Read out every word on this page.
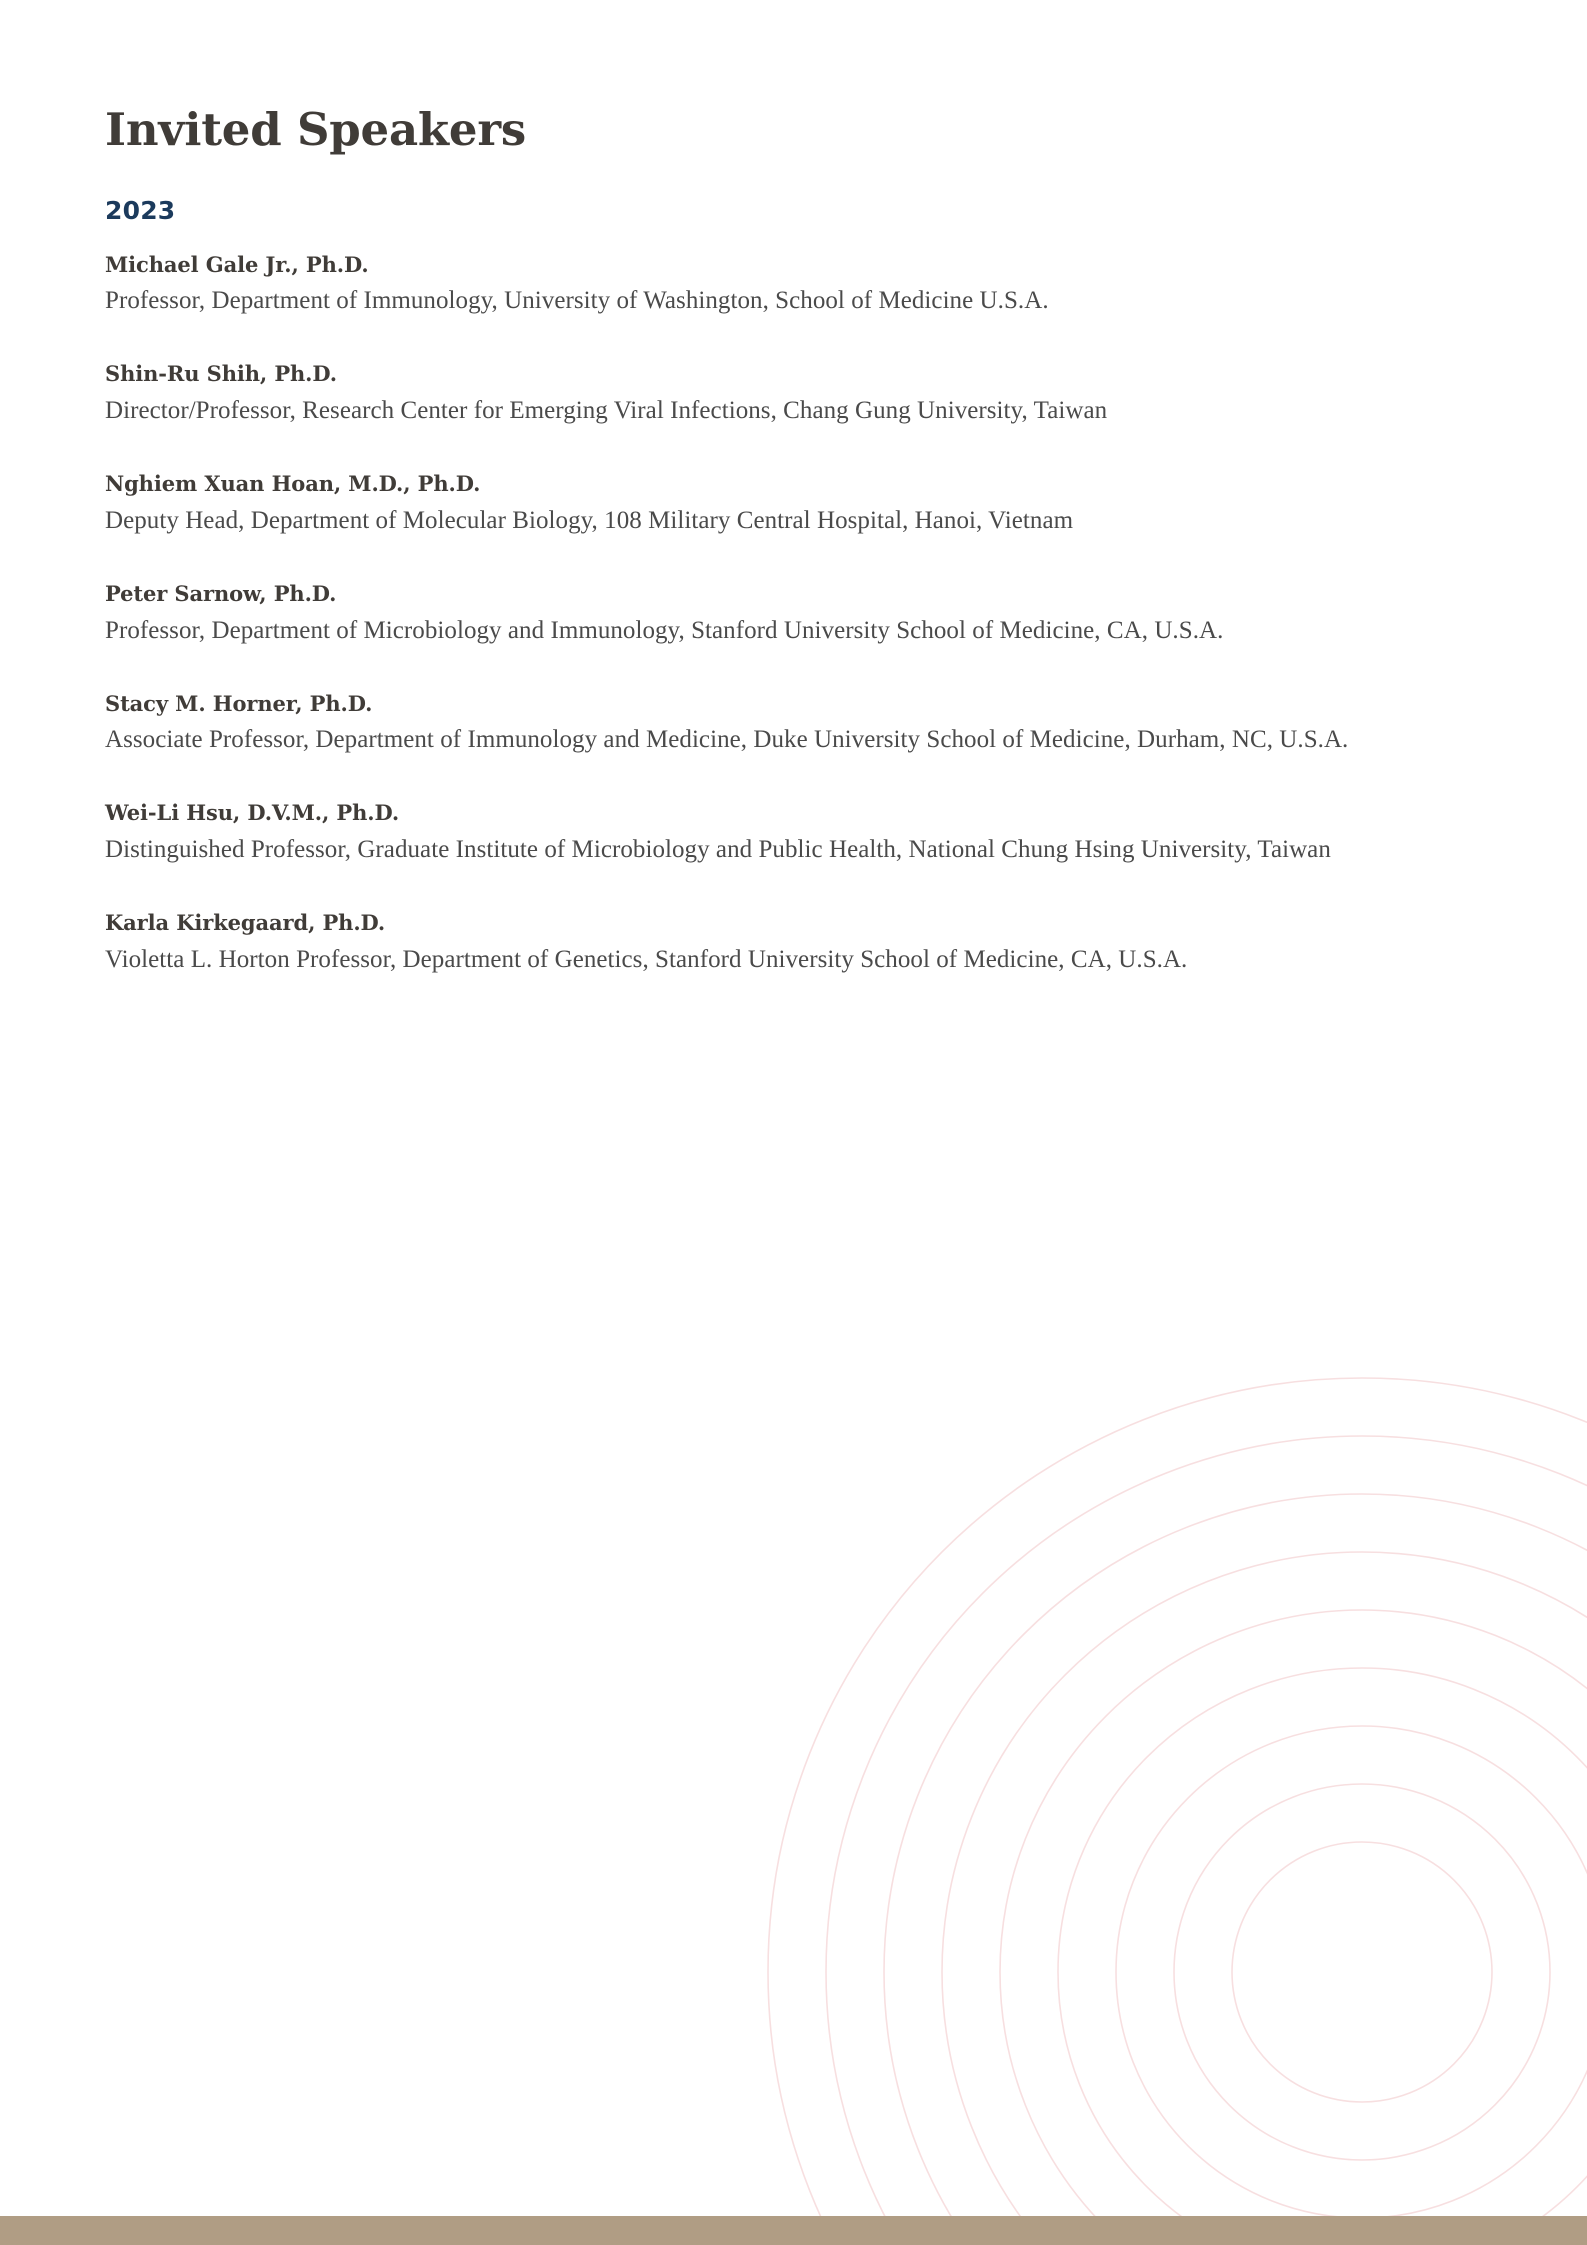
Invited Speakers
2023

Michael Gale Jr., Ph.D.

Professor, Department of Immunology, University of Washington, School of Medicine U.S.A.

Shin-Ru Shih, Ph.D.

Director/Professor, Research Center for Emerging Viral Infections, Chang Gung University, Taiwan

Nghiem Xuan Hoan, M.D., Ph.D.

Deputy Head, Department of Molecular Biology, 108 Military Central Hospital, Hanoi, Vietnam

Peter Sarnow, Ph.D.

Professor, Department of Microbiology and Immunology, Stanford University School of Medicine, CA, U.S.A.

Stacy M. Horner, Ph.D.

Associate Professor, Department of Immunology and Medicine, Duke University School of Medicine, Durham, NC, U.S.A.

Wei-Li Hsu, D.V.M., Ph.D.

Distinguished Professor, Graduate Institute of Microbiology and Public Health, National Chung Hsing University, Taiwan

Karla Kirkegaard, Ph.D.

Violetta L. Horton Professor, Department of Genetics, Stanford University School of Medicine, CA, U.S.A.
